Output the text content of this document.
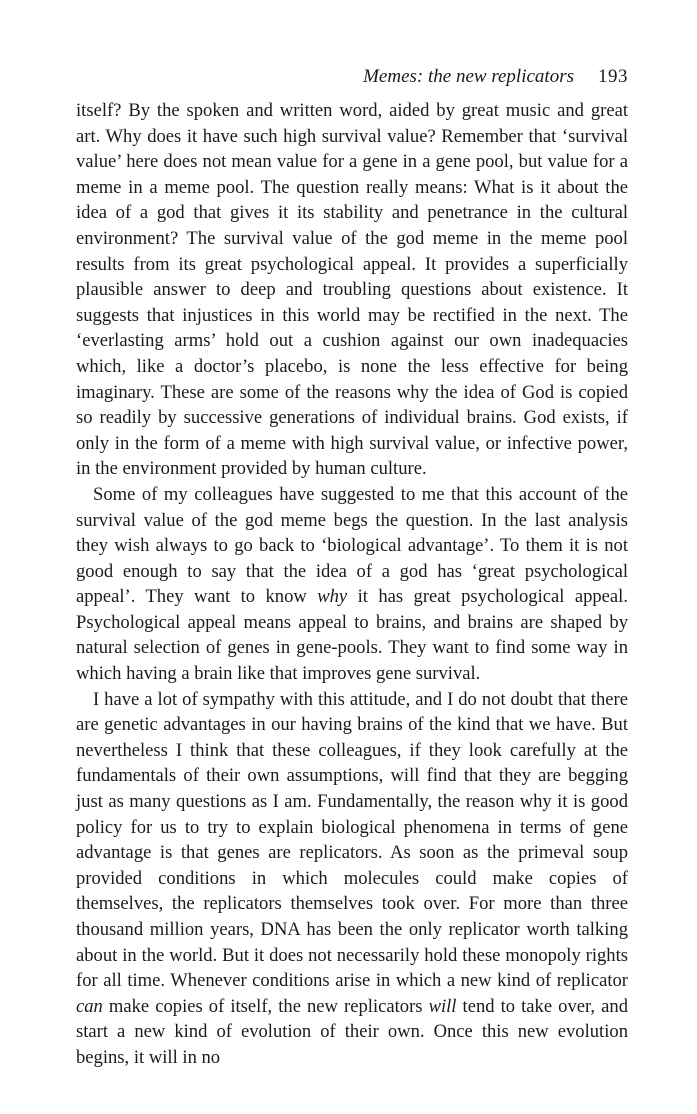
Memes: the new replicators 193

itself? By the spoken and written word, aided by great music and great art. Why does it have such high survival value? Remember that ‘survival value’ here does not mean value for a gene in a gene pool, but value for a meme in a meme pool. The question really means: What is it about the idea of a god that gives it its stability and penetrance in the cultural environment? The survival value of the god meme in the meme pool results from its great psychological appeal. It provides a superficially plausible answer to deep and troubling questions about existence. It suggests that injustices in this world may be rectified in the next. The ‘everlasting arms’ hold out a cushion against our own inadequacies which, like a doctor’s placebo, is none the less effective for being imaginary. These are some of the reasons why the idea of God is copied so readily by successive generations of individual brains. God exists, if only in the form of a meme with high survival value, or infective power, in the environment provided by human culture.

Some of my colleagues have suggested to me that this account of the survival value of the god meme begs the question. In the last analysis they wish always to go back to ‘biological advantage’. To them it is not good enough to say that the idea of a god has ‘great psychological appeal’. They want to know why it has great psychological appeal. Psychological appeal means appeal to brains, and brains are shaped by natural selection of genes in gene-pools. They want to find some way in which having a brain like that improves gene survival.

I have a lot of sympathy with this attitude, and I do not doubt that there are genetic advantages in our having brains of the kind that we have. But nevertheless I think that these colleagues, if they look carefully at the fundamentals of their own assumptions, will find that they are begging just as many questions as I am. Fundamentally, the reason why it is good policy for us to try to explain biological phenomena in terms of gene advantage is that genes are replicators. As soon as the primeval soup provided conditions in which molecules could make copies of themselves, the replicators themselves took over. For more than three thousand million years, DNA has been the only replicator worth talking about in the world. But it does not necessarily hold these monopoly rights for all time. Whenever conditions arise in which a new kind of replicator can make copies of itself, the new replicators will tend to take over, and start a new kind of evolution of their own. Once this new evolution begins, it will in no
